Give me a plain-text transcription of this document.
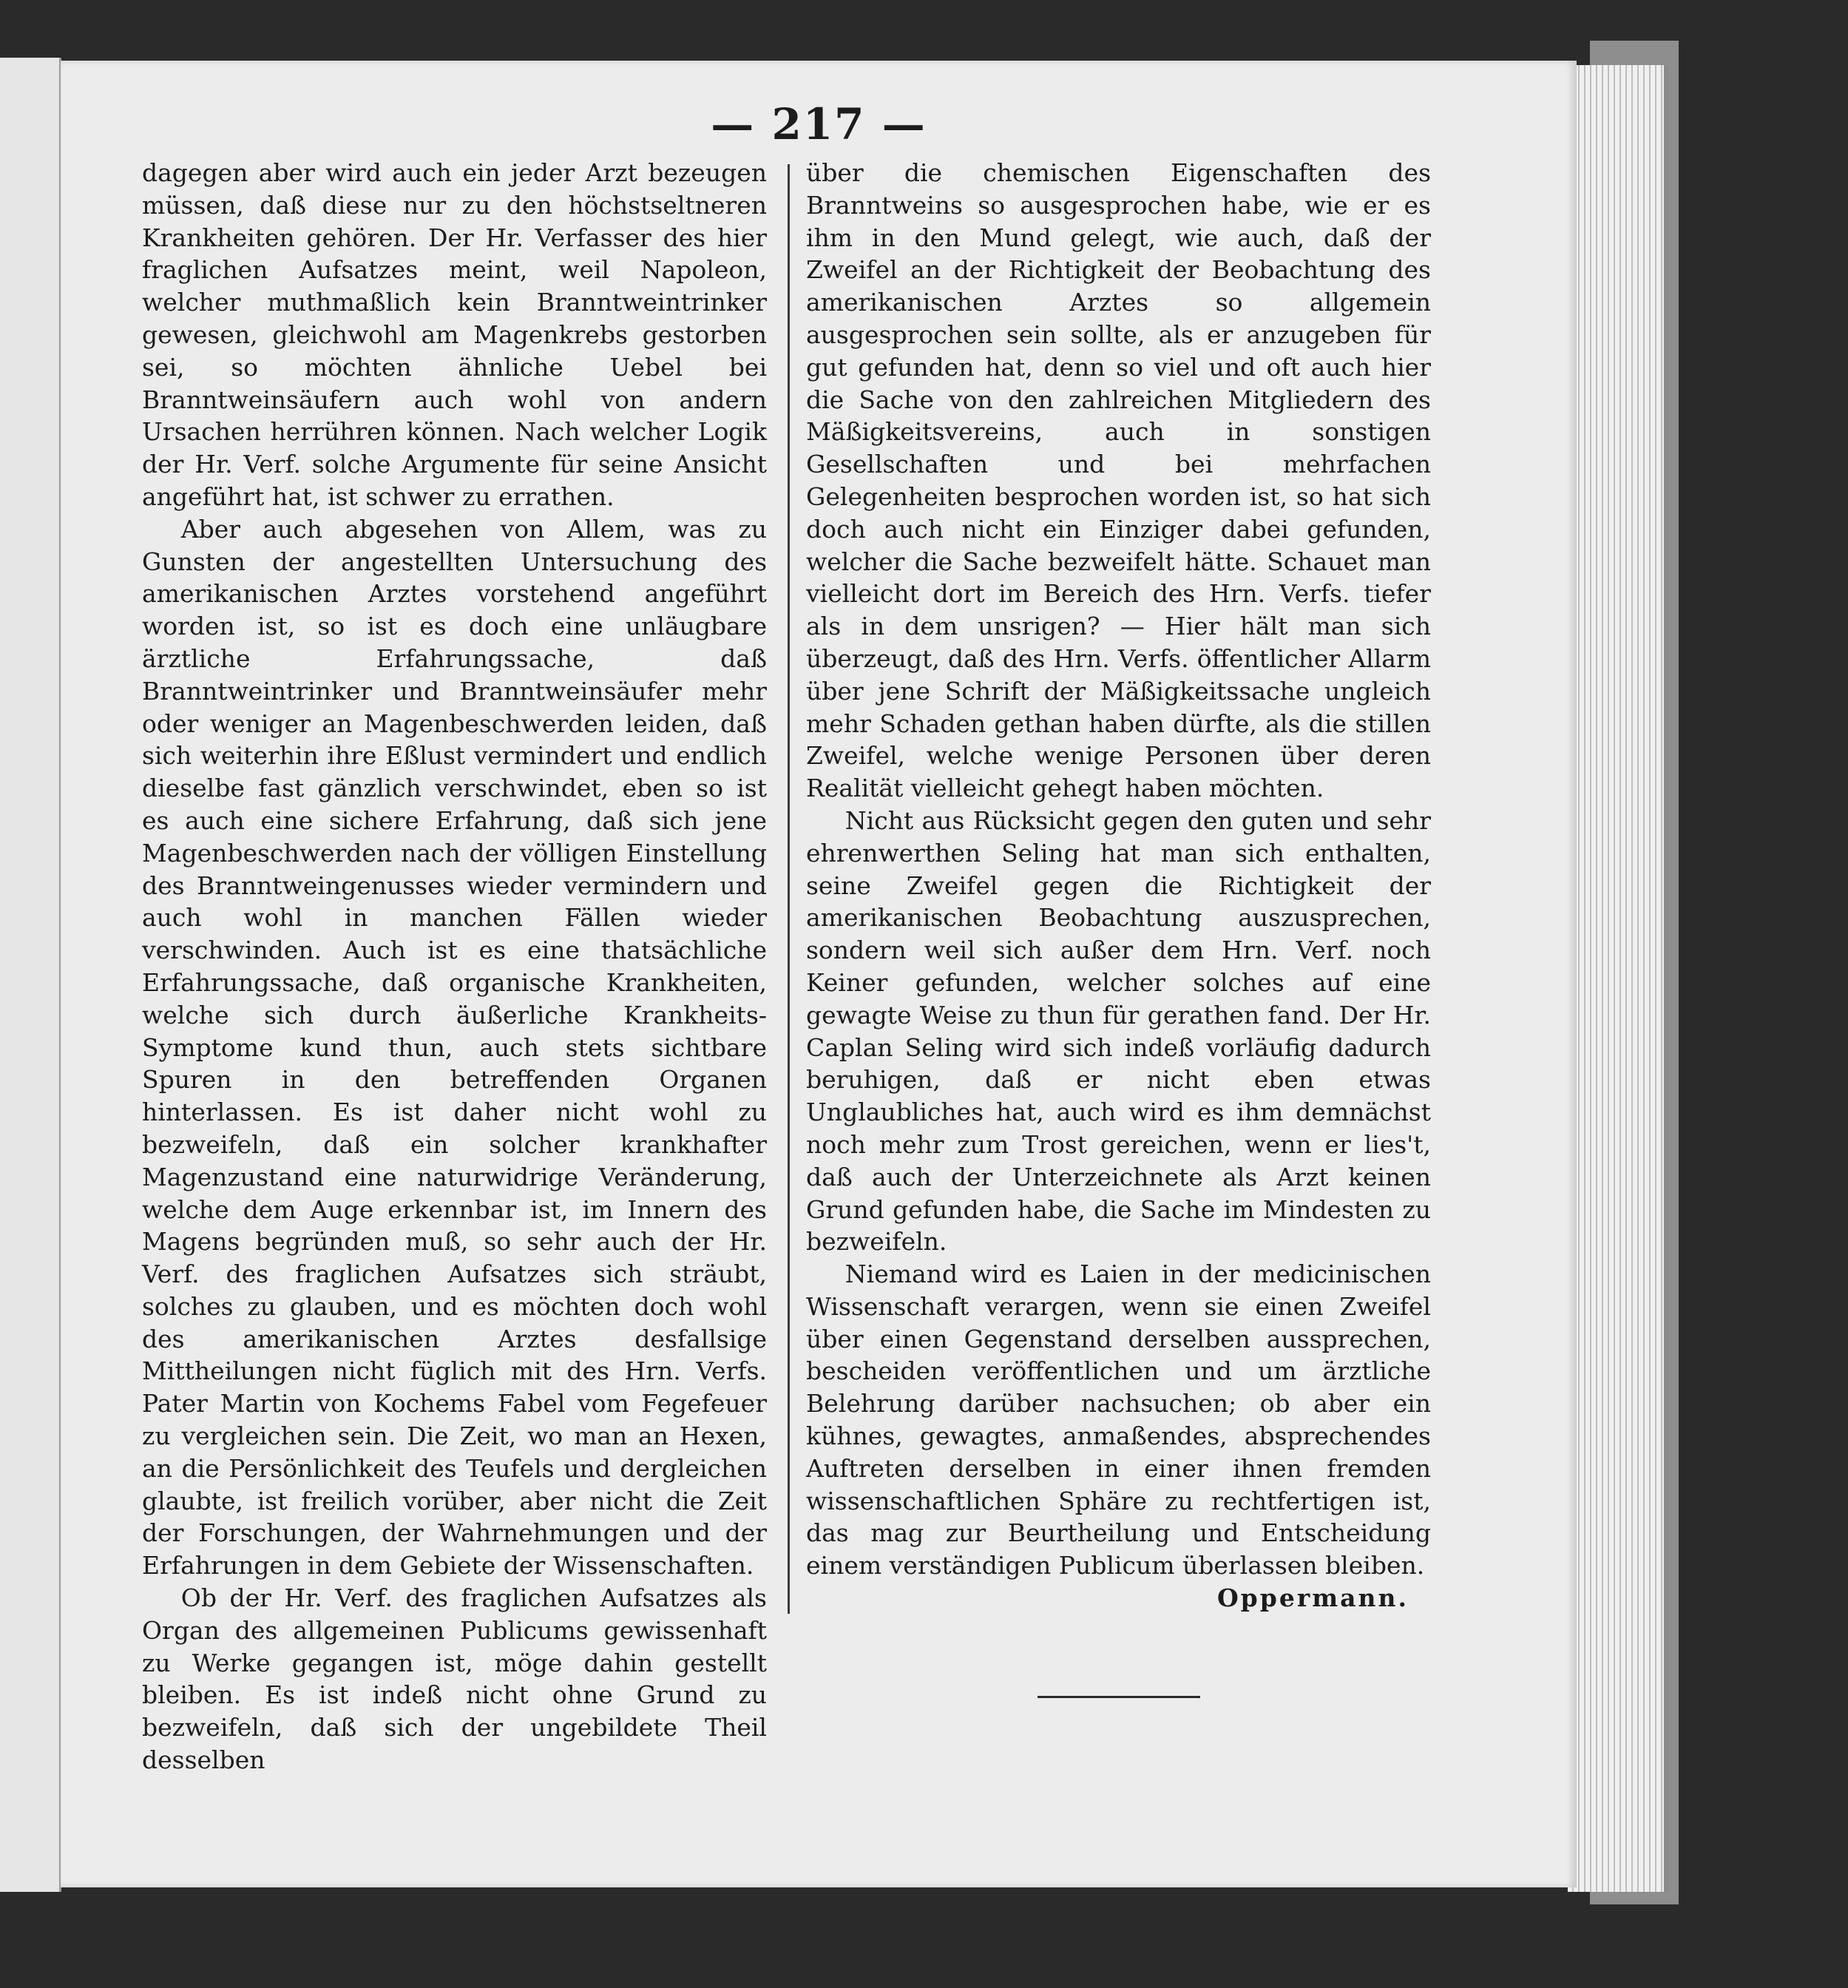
— 217 —

dagegen aber wird auch ein jeder Arzt bezeugen müssen, daß diese nur zu den höchstseltneren Krankheiten gehören. Der Hr. Verfasser des hier fraglichen Aufsatzes meint, weil Napoleon, welcher muthmaßlich kein Branntweintrinker gewesen, gleichwohl am Magenkrebs gestorben sei, so möchten ähnliche Uebel bei Branntweinsäufern auch wohl von andern Ursachen herrühren können. Nach welcher Logik der Hr. Verf. solche Argumente für seine Ansicht angeführt hat, ist schwer zu errathen.

Aber auch abgesehen von Allem, was zu Gunsten der angestellten Untersuchung des amerikanischen Arztes vorstehend angeführt worden ist, so ist es doch eine unläugbare ärztliche Erfahrungssache, daß Branntweintrinker und Branntweinsäufer mehr oder weniger an Magenbeschwerden leiden, daß sich weiterhin ihre Eßlust vermindert und endlich dieselbe fast gänzlich verschwindet, eben so ist es auch eine sichere Erfahrung, daß sich jene Magenbeschwerden nach der völligen Einstellung des Branntweingenusses wieder vermindern und auch wohl in manchen Fällen wieder verschwinden. Auch ist es eine thatsächliche Erfahrungssache, daß organische Krankheiten, welche sich durch äußerliche Krankheits-Symptome kund thun, auch stets sichtbare Spuren in den betreffenden Organen hinterlassen. Es ist daher nicht wohl zu bezweifeln, daß ein solcher krankhafter Magenzustand eine naturwidrige Veränderung, welche dem Auge erkennbar ist, im Innern des Magens begründen muß, so sehr auch der Hr. Verf. des fraglichen Aufsatzes sich sträubt, solches zu glauben, und es möchten doch wohl des amerikanischen Arztes desfallsige Mittheilungen nicht füglich mit des Hrn. Verfs. Pater Martin von Kochems Fabel vom Fegefeuer zu vergleichen sein. Die Zeit, wo man an Hexen, an die Persönlichkeit des Teufels und dergleichen glaubte, ist freilich vorüber, aber nicht die Zeit der Forschungen, der Wahrnehmungen und der Erfahrungen in dem Gebiete der Wissenschaften.

Ob der Hr. Verf. des fraglichen Aufsatzes als Organ des allgemeinen Publicums gewissenhaft zu Werke gegangen ist, möge dahin gestellt bleiben. Es ist indeß nicht ohne Grund zu bezweifeln, daß sich der ungebildete Theil desselben

über die chemischen Eigenschaften des Branntweins so ausgesprochen habe, wie er es ihm in den Mund gelegt, wie auch, daß der Zweifel an der Richtigkeit der Beobachtung des amerikanischen Arztes so allgemein ausgesprochen sein sollte, als er anzugeben für gut gefunden hat, denn so viel und oft auch hier die Sache von den zahlreichen Mitgliedern des Mäßigkeitsvereins, auch in sonstigen Gesellschaften und bei mehrfachen Gelegenheiten besprochen worden ist, so hat sich doch auch nicht ein Einziger dabei gefunden, welcher die Sache bezweifelt hätte. Schauet man vielleicht dort im Bereich des Hrn. Verfs. tiefer als in dem unsrigen? — Hier hält man sich überzeugt, daß des Hrn. Verfs. öffentlicher Allarm über jene Schrift der Mäßigkeitssache ungleich mehr Schaden gethan haben dürfte, als die stillen Zweifel, welche wenige Personen über deren Realität vielleicht gehegt haben möchten.

Nicht aus Rücksicht gegen den guten und sehr ehrenwerthen Seling hat man sich enthalten, seine Zweifel gegen die Richtigkeit der amerikanischen Beobachtung auszusprechen, sondern weil sich außer dem Hrn. Verf. noch Keiner gefunden, welcher solches auf eine gewagte Weise zu thun für gerathen fand. Der Hr. Caplan Seling wird sich indeß vorläufig dadurch beruhigen, daß er nicht eben etwas Unglaubliches hat, auch wird es ihm demnächst noch mehr zum Trost gereichen, wenn er lies't, daß auch der Unterzeichnete als Arzt keinen Grund gefunden habe, die Sache im Mindesten zu bezweifeln.

Niemand wird es Laien in der medicinischen Wissenschaft verargen, wenn sie einen Zweifel über einen Gegenstand derselben aussprechen, bescheiden veröffentlichen und um ärztliche Belehrung darüber nachsuchen; ob aber ein kühnes, gewagtes, anmaßendes, absprechendes Auftreten derselben in einer ihnen fremden wissenschaftlichen Sphäre zu rechtfertigen ist, das mag zur Beurtheilung und Entscheidung einem verständigen Publicum überlassen bleiben.

Oppermann.
